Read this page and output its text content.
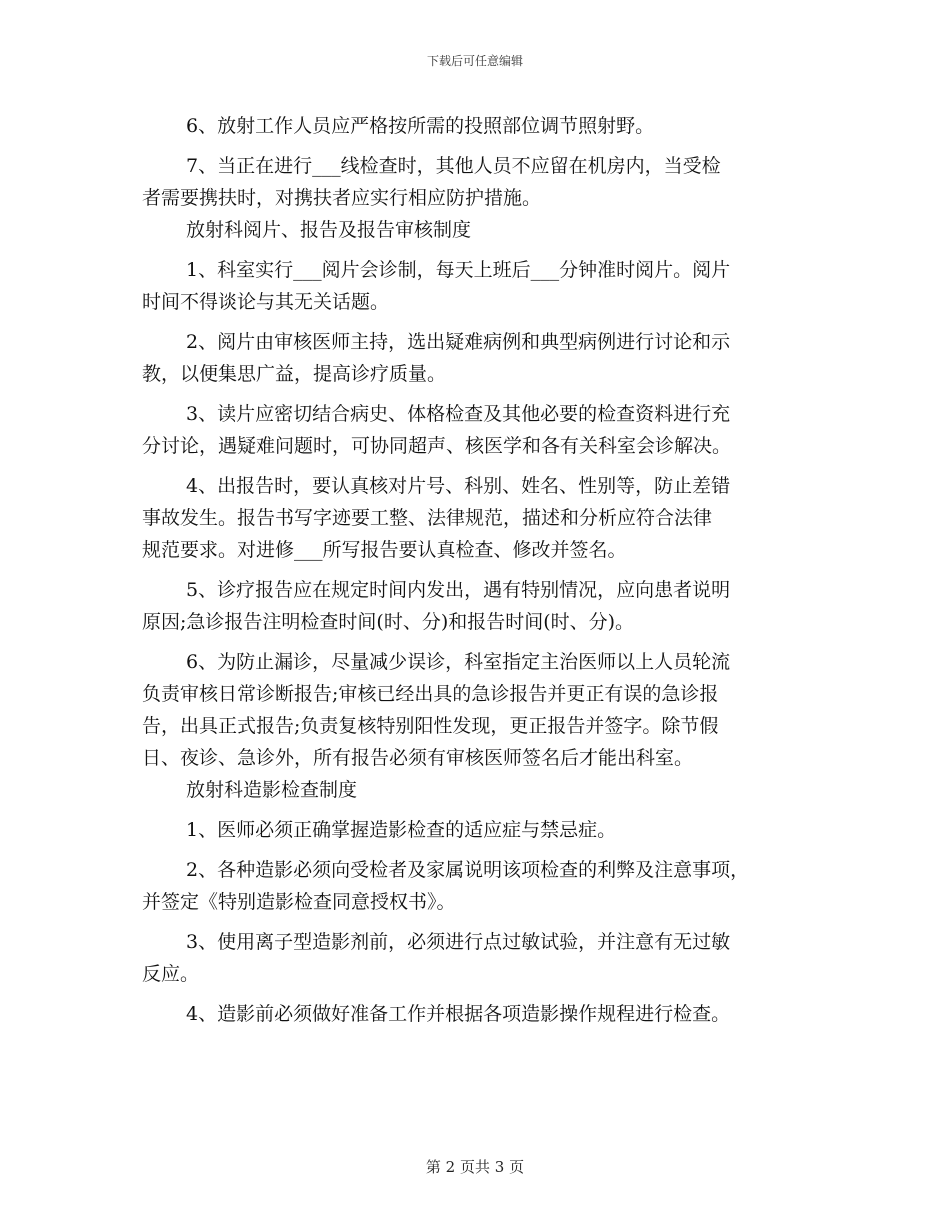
下载后可任意编辑
6、放射工作人员应严格按所需的投照部位调节照射野。
7、当正在进行___线检查时，其他人员不应留在机房内，当受检
者需要携扶时，对携扶者应实行相应防护措施。
放射科阅片、报告及报告审核制度
1、科室实行___阅片会诊制，每天上班后___分钟准时阅片。阅片
时间不得谈论与其无关话题。
2、阅片由审核医师主持，选出疑难病例和典型病例进行讨论和示
教，以便集思广益，提高诊疗质量。
3、读片应密切结合病史、体格检查及其他必要的检查资料进行充
分讨论，遇疑难问题时，可协同超声、核医学和各有关科室会诊解决。
4、出报告时，要认真核对片号、科别、姓名、性别等，防止差错
事故发生。报告书写字迹要工整、法律规范，描述和分析应符合法律
规范要求。对进修___所写报告要认真检查、修改并签名。
5、诊疗报告应在规定时间内发出，遇有特别情况，应向患者说明
原因;急诊报告注明检查时间(时、分)和报告时间(时、分)。
6、为防止漏诊，尽量减少误诊，科室指定主治医师以上人员轮流
负责审核日常诊断报告;审核已经出具的急诊报告并更正有误的急诊报
告，出具正式报告;负责复核特别阳性发现，更正报告并签字。除节假
日、夜诊、急诊外，所有报告必须有审核医师签名后才能出科室。
放射科造影检查制度
1、医师必须正确掌握造影检查的适应症与禁忌症。
2、各种造影必须向受检者及家属说明该项检查的利弊及注意事项，
并签定《特别造影检查同意授权书》。
3、使用离子型造影剂前，必须进行点过敏试验，并注意有无过敏
反应。
4、造影前必须做好准备工作并根据各项造影操作规程进行检查。
第 2 页共 3 页
